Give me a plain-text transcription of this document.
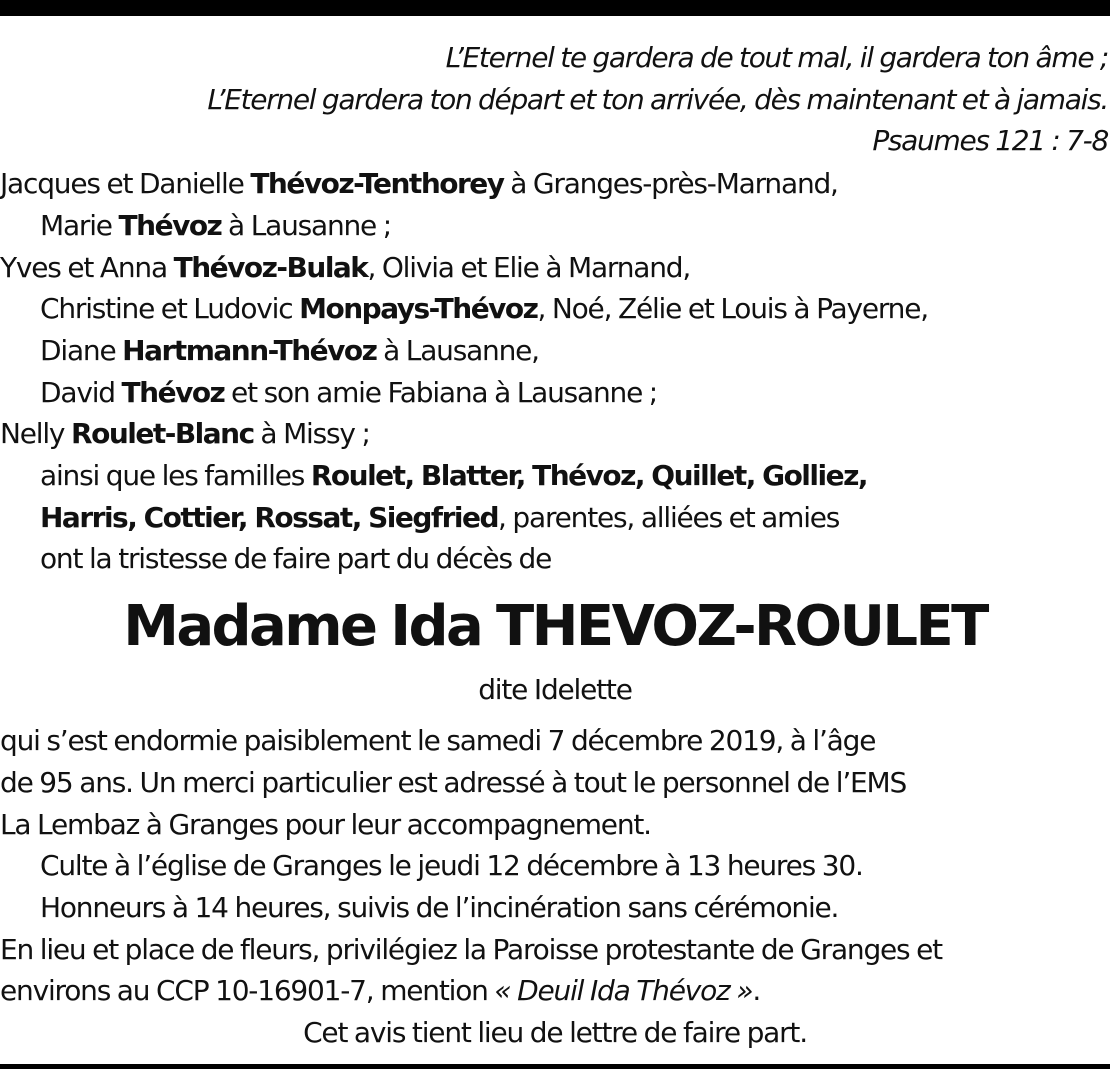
L’Eternel te gardera de tout mal, il gardera ton âme ;
L’Eternel gardera ton départ et ton arrivée, dès maintenant et à jamais.
Psaumes 121 : 7-8
Jacques et Danielle Thévoz-Tenthorey à Granges-près-Marnand,
Marie Thévoz à Lausanne ;
Yves et Anna Thévoz-Bulak, Olivia et Elie à Marnand,
Christine et Ludovic Monpays-Thévoz, Noé, Zélie et Louis à Payerne,
Diane Hartmann-Thévoz à Lausanne,
David Thévoz et son amie Fabiana à Lausanne ;
Nelly Roulet-Blanc à Missy ;
ainsi que les familles Roulet, Blatter, Thévoz, Quillet, Golliez,
Harris, Cottier, Rossat, Siegfried, parentes, alliées et amies
ont la tristesse de faire part du décès de
Madame Ida THEVOZ-ROULET
dite Idelette
qui s’est endormie paisiblement le samedi 7 décembre 2019, à l’âge
de 95 ans. Un merci particulier est adressé à tout le personnel de l’EMS
La Lembaz à Granges pour leur accompagnement.
Culte à l’église de Granges le jeudi 12 décembre à 13 heures 30.
Honneurs à 14 heures, suivis de l’incinération sans cérémonie.
En lieu et place de fleurs, privilégiez la Paroisse protestante de Granges et
environs au CCP 10-16901-7, mention « Deuil Ida Thévoz ».
Cet avis tient lieu de lettre de faire part.
